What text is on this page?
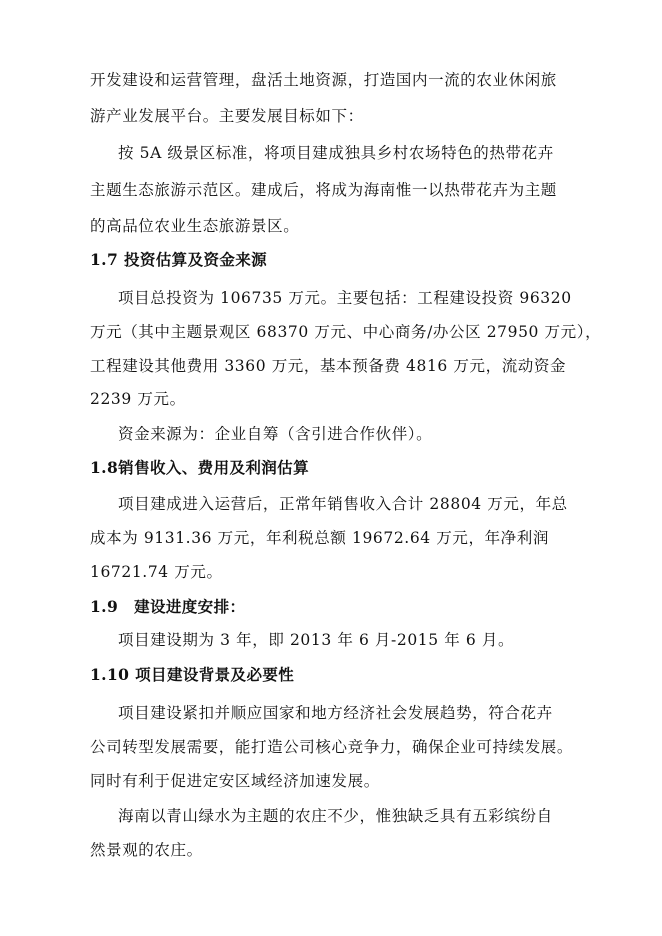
开发建设和运营管理，盘活土地资源，打造国内一流的农业休闲旅
游产业发展平台。主要发展目标如下：
按 5A 级景区标准，将项目建成独具乡村农场特色的热带花卉
主题生态旅游示范区。建成后，将成为海南惟一以热带花卉为主题
的高品位农业生态旅游景区。
1.7 投资估算及资金来源
项目总投资为 106735 万元。主要包括：工程建设投资 96320
万元（其中主题景观区 68370 万元、中心商务/办公区 27950 万元），
工程建设其他费用 3360 万元，基本预备费 4816 万元，流动资金
2239 万元。
资金来源为：企业自筹（含引进合作伙伴）。
1.8销售收入、费用及利润估算
项目建成进入运营后，正常年销售收入合计 28804 万元，年总
成本为 9131.36 万元，年利税总额 19672.64 万元，年净利润
16721.74 万元。
1.9　建设进度安排：
项目建设期为 3 年，即 2013 年 6 月-2015 年 6 月。
1.10 项目建设背景及必要性
项目建设紧扣并顺应国家和地方经济社会发展趋势，符合花卉
公司转型发展需要，能打造公司核心竞争力，确保企业可持续发展。
同时有利于促进定安区域经济加速发展。
海南以青山绿水为主题的农庄不少，惟独缺乏具有五彩缤纷自
然景观的农庄。
